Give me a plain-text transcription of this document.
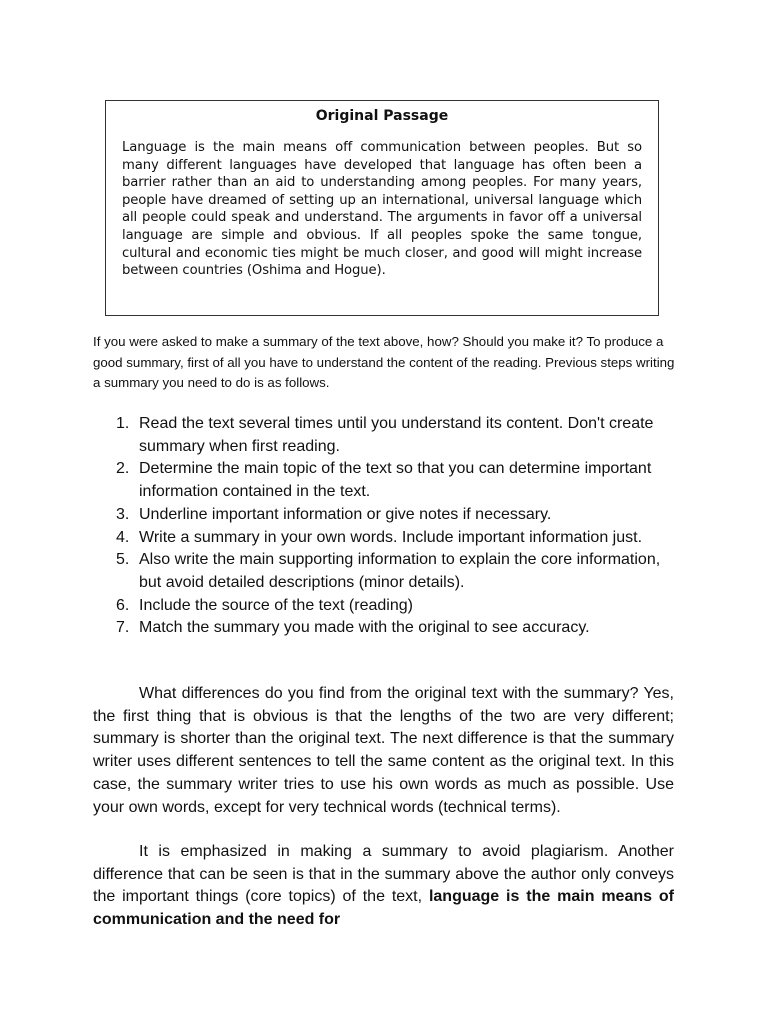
Original Passage

Language is the main means off communication between peoples. But so many different languages have developed that language has often been a barrier rather than an aid to understanding among peoples. For many years, people have dreamed of setting up an international, universal language which all people could speak and understand. The arguments in favor off a universal language are simple and obvious. If all peoples spoke the same tongue, cultural and economic ties might be much closer, and good will might increase between countries (Oshima and Hogue).

If you were asked to make a summary of the text above, how? Should you make it? To produce a good summary, first of all you have to understand the content of the reading. Previous steps writing a summary you need to do is as follows.

1. Read the text several times until you understand its content. Don't create summary when first reading.
2. Determine the main topic of the text so that you can determine important information contained in the text.
3. Underline important information or give notes if necessary.
4. Write a summary in your own words. Include important information just.
5. Also write the main supporting information to explain the core information, but avoid detailed descriptions (minor details).
6. Include the source of the text (reading)
7. Match the summary you made with the original to see accuracy.

What differences do you find from the original text with the summary? Yes, the first thing that is obvious is that the lengths of the two are very different; summary is shorter than the original text. The next difference is that the summary writer uses different sentences to tell the same content as the original text. In this case, the summary writer tries to use his own words as much as possible. Use your own words, except for very technical words (technical terms).

It is emphasized in making a summary to avoid plagiarism. Another difference that can be seen is that in the summary above the author only conveys the important things (core topics) of the text, language is the main means of communication and the need for
